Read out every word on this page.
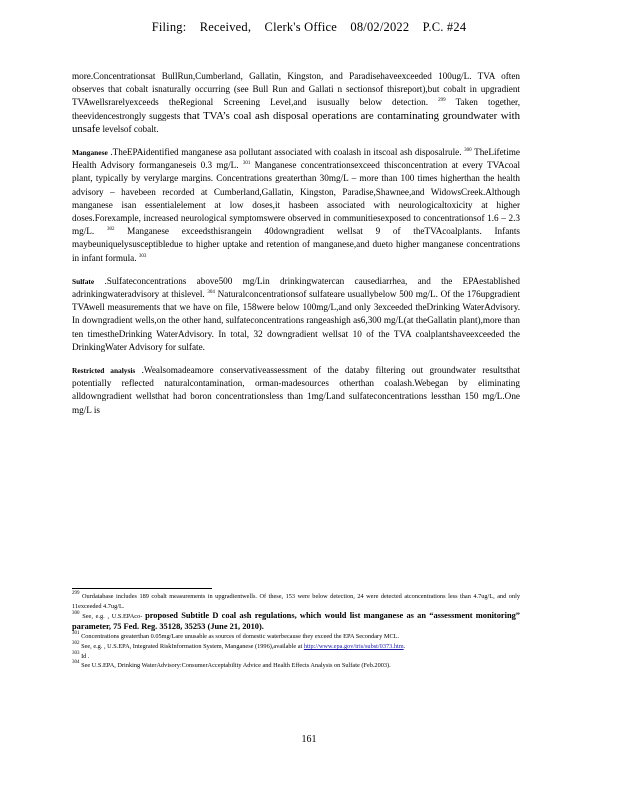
Filing: Received, Clerk's Office 08/02/2022 P.C. #24

more.Concentrationsat BullRun,Cumberland, Gallatin, Kingston, and Paradisehaveexceeded 100ug/L. TVA often observes that cobalt isnaturally occurring (see Bull Run and Gallati n sectionsof thisreport),but cobalt in upgradient TVAwellsrarelyexceeds theRegional Screening Level,and isusually below detection. $^{299}$ Taken together, theevidencestrongly suggests that TVA’s coal ash disposal operations are contaminating groundwater with unsafe levelsof cobalt.

Manganese .TheEPAidentified manganese asa pollutant associated with coalash in itscoal ash disposalrule. $^{300}$ TheLifetime Health Advisory formanganeseis 0.3 mg/L. $^{301}$ Manganese concentrationsexceed thisconcentration at every TVAcoal plant, typically by verylarge margins. Concentrations greaterthan 30mg/L – more than 100 times higherthan the health advisory – havebeen recorded at Cumberland,Gallatin, Kingston, Paradise,Shawnee,and WidowsCreek.Although manganese isan essentialelement at low doses,it hasbeen associated with neurologicaltoxicity at higher doses.Forexample, increased neurological symptomswere observed in communitiesexposed to concentrationsof 1.6 – 2.3 mg/L.	$^{302}$ Manganese exceedsthisrangein 40downgradient wellsat 9 of theTVAcoalplants. Infants maybeuniquelysusceptibledue to higher uptake and retention of manganese,and dueto higher manganese concentrations in infant formula. $^{303}$

Sulfate .Sulfateconcentrations above500 mg/Lin drinkingwatercan causediarrhea, and the EPAestablished adrinkingwateradvisory at thislevel. $^{304}$ Naturalconcentrationsof sulfateare usuallybelow 500 mg/L. Of the 176upgradient TVAwell measurements that we have on file, 158were below 100mg/L,and only 3exceeded theDrinking WaterAdvisory. In downgradient wells,on the other hand, sulfateconcentrations rangeashigh as6,300 mg/L(at theGallatin plant),more than ten timestheDrinking WaterAdvisory. In total, 32 downgradient wellsat 10 of the TVA coalplantshaveexceeded the DrinkingWater Advisory for sulfate.

Restricted analysis .Wealsomadeamore conservativeassessment of the databy filtering out groundwater resultsthat potentially reflected naturalcontamination, orman-madesources otherthan coalash.Webegan by eliminating alldowngradient wellsthat had boron concentrationsless than 1mg/Land sulfateconcentrations lessthan 150 mg/L.One mg/L is

$^{299}$ Ourdatabase includes 189 cobalt measurements in upgradientwells. Of these, 153 were below detection, 24 were detected atconcentrations less than 4.7ug/L, and only 11exceeded 4.7ug/L.

$^{300}$ See, e.g. , U.S.EPAco- proposed Subtitle D coal ash regulations, which would list manganese as an “assessment monitoring” parameter, 75 Fed. Reg. 35128, 35253 (June 21, 2010).

$^{301}$ Concentrations greaterthan 0.05mg/Lare unusable as sources of domestic waterbecause they exceed the EPA Secondary MCL.

$^{302}$ See, e.g. , U.S.EPA, Integrated RiskInformation System, Manganese (1996),available at http://www.epa.gov/iris/subst/0373.htm.

$^{303}$ Id .

$^{304}$ See U.S.EPA, Drinking WaterAdvisory:ConsumerAcceptability Advice and Health Effects Analysis on Sulfate (Feb.2003).

161
